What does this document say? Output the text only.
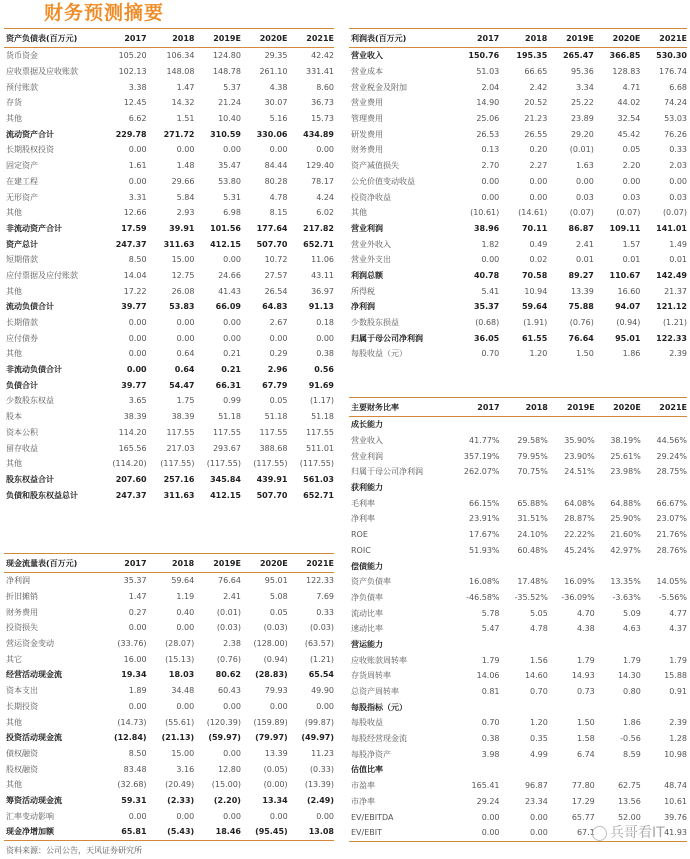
财务预测摘要
资产负债表(百万元)	2017	2018	2019E	2020E	2021E
货币资金	105.20	106.34	124.80	29.35	42.42
应收票据及应收账款	102.13	148.08	148.78	261.10	331.41
预付账款	3.38	1.47	5.37	4.38	8.60
存货	12.45	14.32	21.24	30.07	36.73
其他	6.62	1.51	10.40	5.16	15.73
流动资产合计	229.78	271.72	310.59	330.06	434.89
长期股权投资	0.00	0.00	0.00	0.00	0.00
固定资产	1.61	1.48	35.47	84.44	129.40
在建工程	0.00	29.66	53.80	80.28	78.17
无形资产	3.31	5.84	5.31	4.78	4.24
其他	12.66	2.93	6.98	8.15	6.02
非流动资产合计	17.59	39.91	101.56	177.64	217.82
资产总计	247.37	311.63	412.15	507.70	652.71
短期借款	8.50	15.00	0.00	10.72	11.06
应付票据及应付账款	14.04	12.75	24.66	27.57	43.11
其他	17.22	26.08	41.43	26.54	36.97
流动负债合计	39.77	53.83	66.09	64.83	91.13
长期借款	0.00	0.00	0.00	2.67	0.18
应付债券	0.00	0.00	0.00	0.00	0.00
其他	0.00	0.64	0.21	0.29	0.38
非流动负债合计	0.00	0.64	0.21	2.96	0.56
负债合计	39.77	54.47	66.31	67.79	91.69
少数股东权益	3.65	1.75	0.99	0.05	(1.17)
股本	38.39	38.39	51.18	51.18	51.18
资本公积	114.20	117.55	117.55	117.55	117.55
留存收益	165.56	217.03	293.67	388.68	511.01
其他	(114.20)	(117.55)	(117.55)	(117.55)	(117.55)
股东权益合计	207.60	257.16	345.84	439.91	561.03
负债和股东权益总计	247.37	311.63	412.15	507.70	652.71
现金流量表(百万元)	2017	2018	2019E	2020E	2021E
净利润	35.37	59.64	76.64	95.01	122.33
折旧摊销	1.47	1.19	2.41	5.08	7.69
财务费用	0.27	0.40	(0.01)	0.05	0.33
投资损失	0.00	0.00	(0.03)	(0.03)	(0.03)
营运资金变动	(33.76)	(28.07)	2.38	(128.00)	(63.57)
其它	16.00	(15.13)	(0.76)	(0.94)	(1.21)
经营活动现金流	19.34	18.03	80.62	(28.83)	65.54
资本支出	1.89	34.48	60.43	79.93	49.90
长期投资	0.00	0.00	0.00	0.00	0.00
其他	(14.73)	(55.61)	(120.39)	(159.89)	(99.87)
投资活动现金流	(12.84)	(21.13)	(59.97)	(79.97)	(49.97)
债权融资	8.50	15.00	0.00	13.39	11.23
股权融资	83.48	3.16	12.80	(0.05)	(0.33)
其他	(32.68)	(20.49)	(15.00)	(0.00)	(13.39)
筹资活动现金流	59.31	(2.33)	(2.20)	13.34	(2.49)
汇率变动影响	0.00	0.00	0.00	0.00	0.00
现金净增加额	65.81	(5.43)	18.46	(95.45)	13.08
利润表(百万元)	2017	2018	2019E	2020E	2021E
营业收入	150.76	195.35	265.47	366.85	530.30
营业成本	51.03	66.65	95.36	128.83	176.74
营业税金及附加	2.04	2.42	3.34	4.71	6.68
营业费用	14.90	20.52	25.22	44.02	74.24
管理费用	25.06	21.23	23.89	32.54	53.03
研发费用	26.53	26.55	29.20	45.42	76.26
财务费用	0.13	0.20	(0.01)	0.05	0.33
资产减值损失	2.70	2.27	1.63	2.20	2.03
公允价值变动收益	0.00	0.00	0.00	0.00	0.00
投资净收益	0.00	0.00	0.03	0.03	0.03
其他	(10.61)	(14.61)	(0.07)	(0.07)	(0.07)
营业利润	38.96	70.11	86.87	109.11	141.01
营业外收入	1.82	0.49	2.41	1.57	1.49
营业外支出	0.00	0.02	0.01	0.01	0.01
利润总额	40.78	70.58	89.27	110.67	142.49
所得税	5.41	10.94	13.39	16.60	21.37
净利润	35.37	59.64	75.88	94.07	121.12
少数股东损益	(0.68)	(1.91)	(0.76)	(0.94)	(1.21)
归属于母公司净利润	36.05	61.55	76.64	95.01	122.33
每股收益（元）	0.70	1.20	1.50	1.86	2.39
主要财务比率	2017	2018	2019E	2020E	2021E
成长能力					
营业收入	41.77%	29.58%	35.90%	38.19%	44.56%
营业利润	357.19%	79.95%	23.90%	25.61%	29.24%
归属于母公司净利润	262.07%	70.75%	24.51%	23.98%	28.75%
获利能力					
毛利率	66.15%	65.88%	64.08%	64.88%	66.67%
净利率	23.91%	31.51%	28.87%	25.90%	23.07%
ROE	17.67%	24.10%	22.22%	21.60%	21.76%
ROIC	51.93%	60.48%	45.24%	42.97%	28.76%
偿债能力					
资产负债率	16.08%	17.48%	16.09%	13.35%	14.05%
净负债率	-46.58%	-35.52%	-36.09%	-3.63%	-5.56%
流动比率	5.78	5.05	4.70	5.09	4.77
速动比率	5.47	4.78	4.38	4.63	4.37
营运能力					
应收账款周转率	1.79	1.56	1.79	1.79	1.79
存货周转率	14.06	14.60	14.93	14.30	15.88
总资产周转率	0.81	0.70	0.73	0.80	0.91
每股指标（元）					
每股收益	0.70	1.20	1.50	1.86	2.39
每股经营现金流	0.38	0.35	1.58	-0.56	1.28
每股净资产	3.98	4.99	6.74	8.59	10.98
估值比率					
市盈率	165.41	96.87	77.80	62.75	48.74
市净率	29.24	23.34	17.29	13.56	10.61
EV/EBITDA	0.00	0.00	65.77	52.00	39.76
EV/EBIT	0.00	0.00	67.1		41.93
资料来源：公司公告，天风证券研究所
兵哥看IT
